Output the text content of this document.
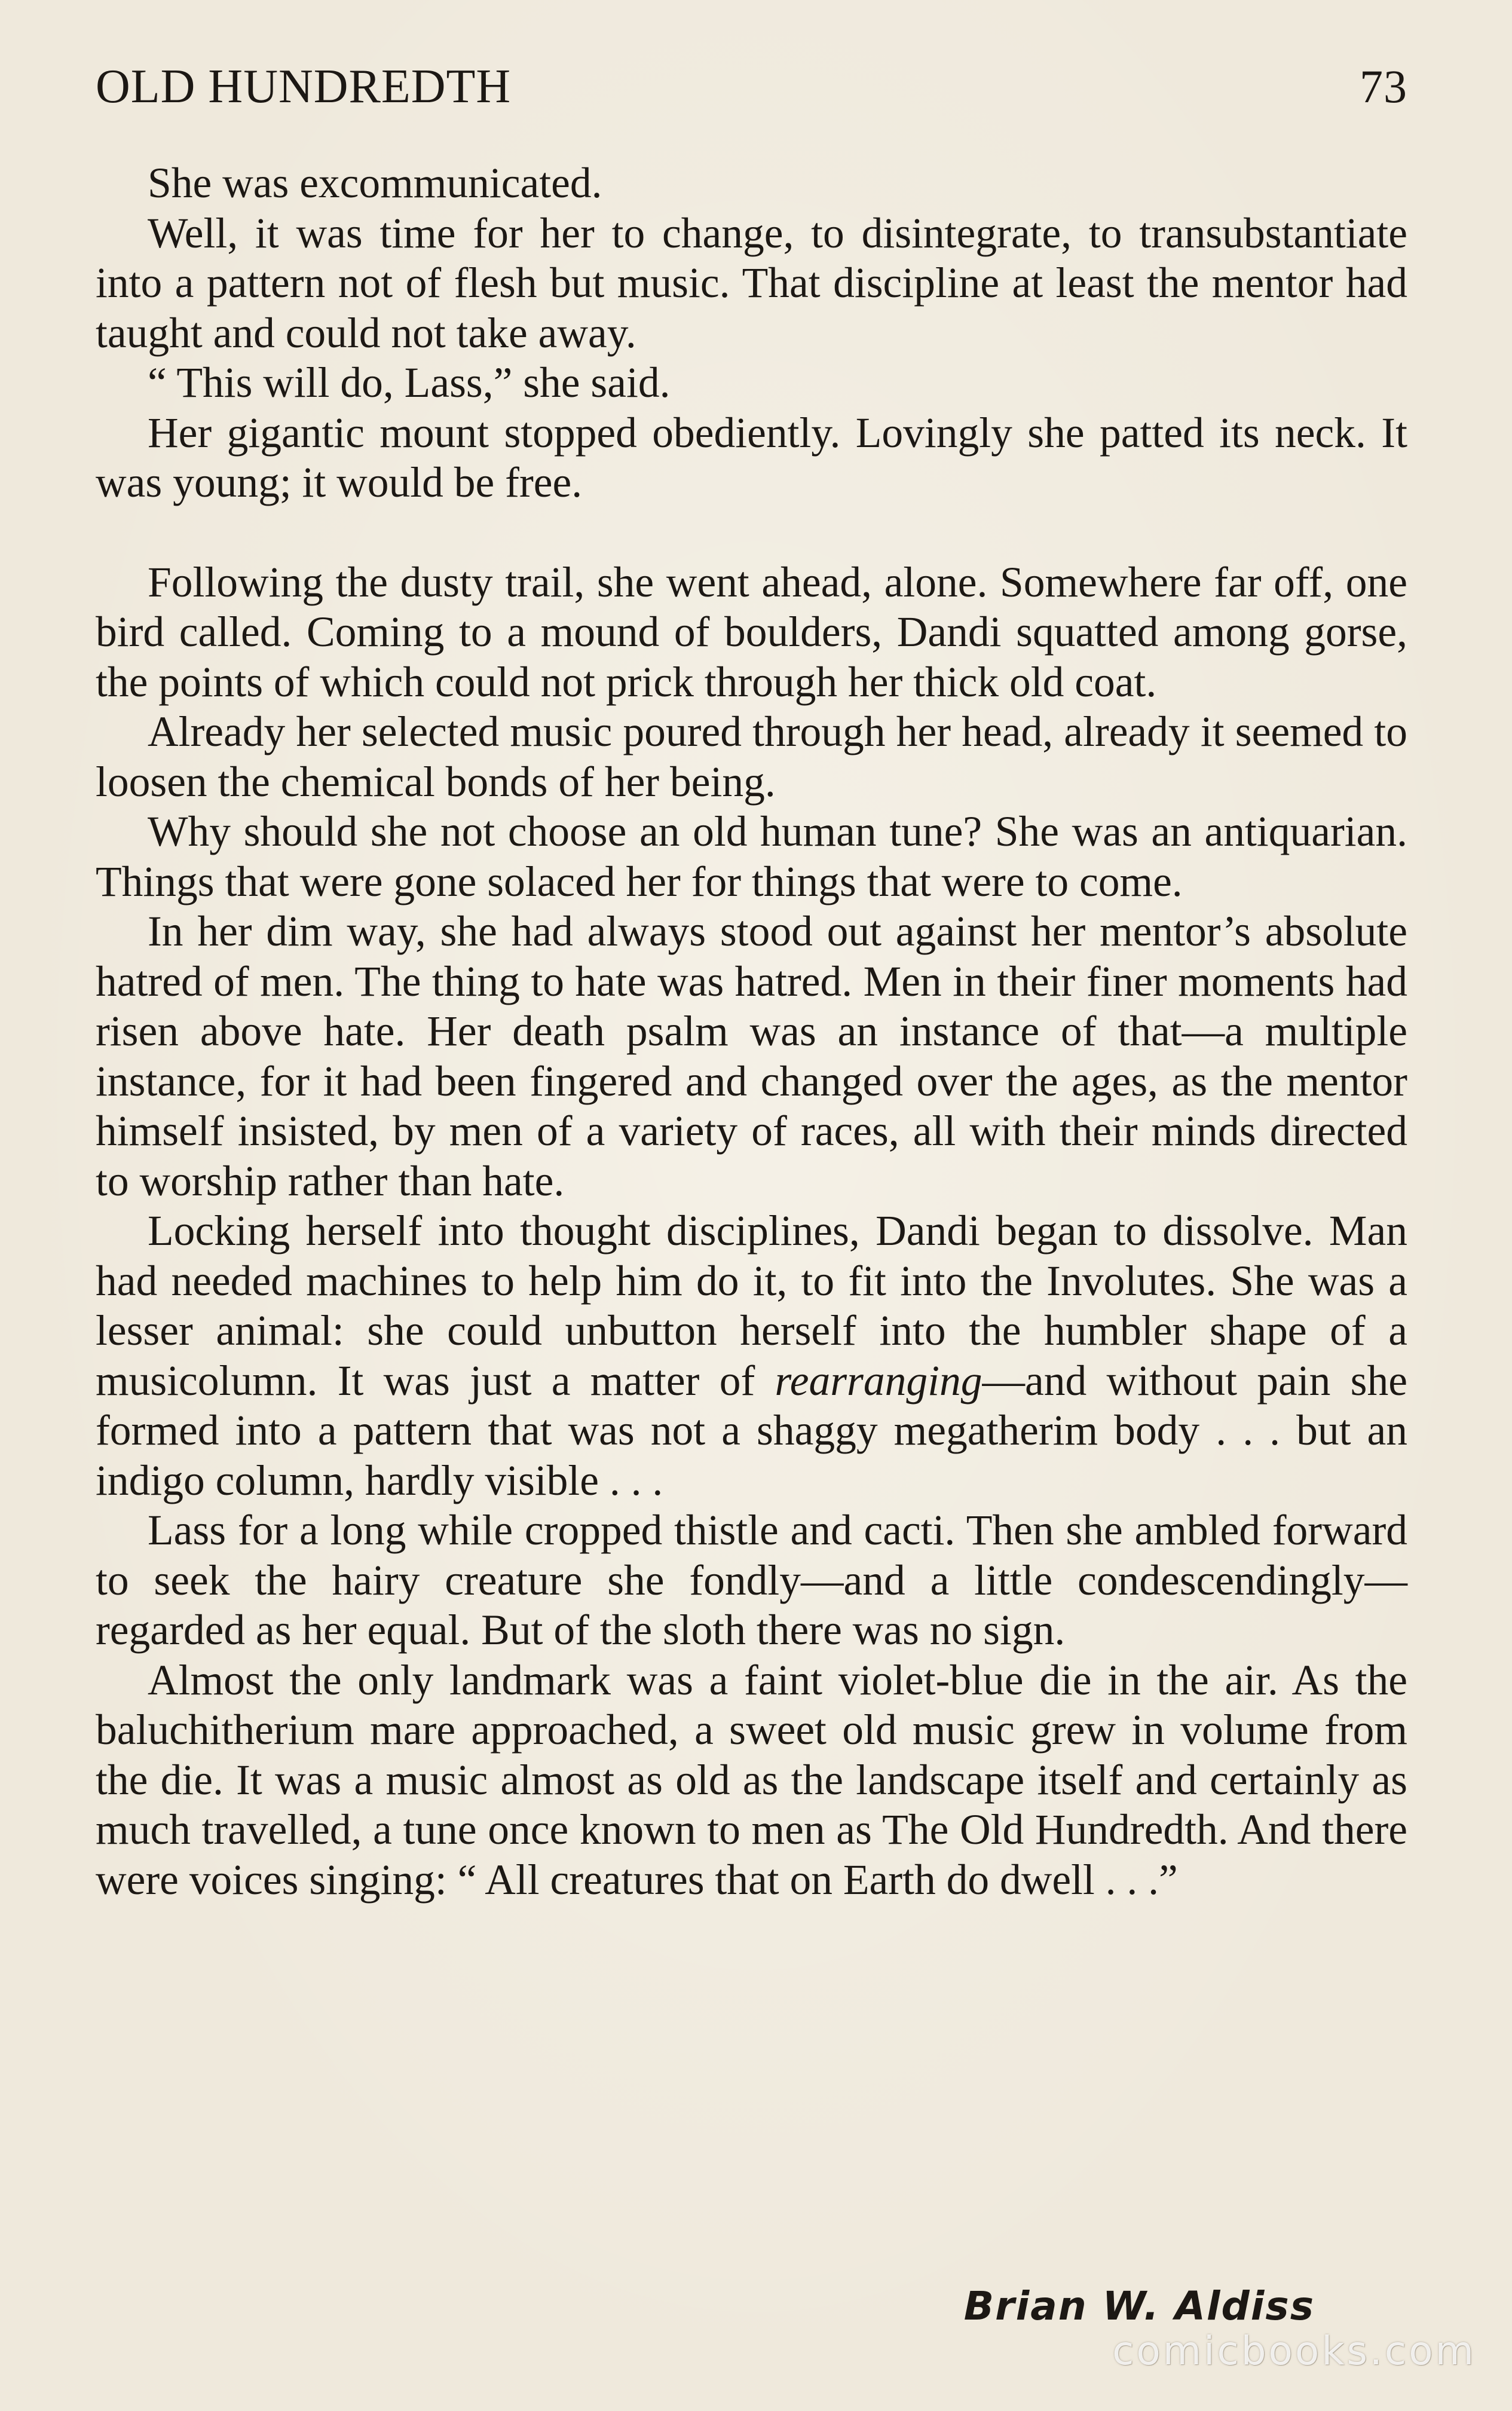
OLD HUNDREDTH	73

She was excommunicated.

Well, it was time for her to change, to disintegrate, to transubstantiate into a pattern not of flesh but music. That discipline at least the mentor had taught and could not take away.

“ This will do, Lass,” she said.

Her gigantic mount stopped obediently. Lovingly she patted its neck. It was young; it would be free.

Following the dusty trail, she went ahead, alone. Somewhere far off, one bird called. Coming to a mound of boulders, Dandi squatted among gorse, the points of which could not prick through her thick old coat.

Already her selected music poured through her head, already it seemed to loosen the chemical bonds of her being.

Why should she not choose an old human tune? She was an antiquarian. Things that were gone solaced her for things that were to come.

In her dim way, she had always stood out against her mentor’s absolute hatred of men. The thing to hate was hatred. Men in their finer moments had risen above hate. Her death psalm was an instance of that—a multiple instance, for it had been fingered and changed over the ages, as the mentor himself insisted, by men of a variety of races, all with their minds directed to worship rather than hate.

Locking herself into thought disciplines, Dandi began to dissolve. Man had needed machines to help him do it, to fit into the Involutes. She was a lesser animal: she could unbutton herself into the humbler shape of a musicolumn. It was just a matter of rearranging—and without pain she formed into a pattern that was not a shaggy megatherim body . . . but an indigo column, hardly visible . . .

Lass for a long while cropped thistle and cacti. Then she ambled forward to seek the hairy creature she fondly—and a little condescendingly—regarded as her equal. But of the sloth there was no sign.

Almost the only landmark was a faint violet-blue die in the air. As the baluchitherium mare approached, a sweet old music grew in volume from the die. It was a music almost as old as the landscape itself and certainly as much travelled, a tune once known to men as The Old Hundredth. And there were voices singing: “ All creatures that on Earth do dwell . . .”

Brian W. Aldiss
comicbooks.com
